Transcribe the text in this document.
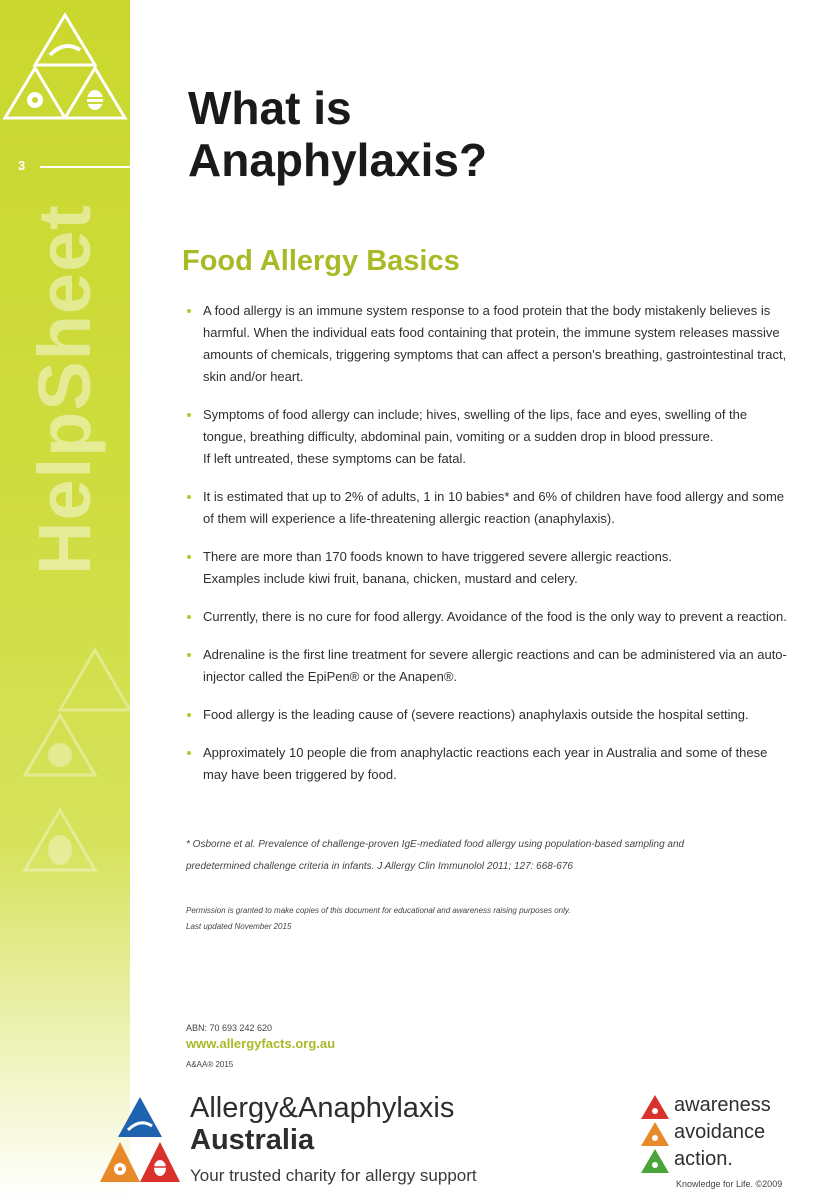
3
HelpSheet
What is
Anaphylaxis?
Food Allergy Basics
A food allergy is an immune system response to a food protein that the body mistakenly believes is harmful. When the individual eats food containing that protein, the immune system releases massive amounts of chemicals, triggering symptoms that can affect a person's breathing, gastrointestinal tract, skin and/or heart.
Symptoms of food allergy can include; hives, swelling of the lips, face and eyes, swelling of the tongue, breathing difficulty, abdominal pain, vomiting or a sudden drop in blood pressure.
If left untreated, these symptoms can be fatal.
It is estimated that up to 2% of adults, 1 in 10 babies* and 6% of children have food allergy and some of them will experience a life-threatening allergic reaction (anaphylaxis).
There are more than 170 foods known to have triggered severe allergic reactions.
Examples include kiwi fruit, banana, chicken, mustard and celery.
Currently, there is no cure for food allergy. Avoidance of the food is the only way to prevent a reaction.
Adrenaline is the first line treatment for severe allergic reactions and can be administered via an auto-injector called the EpiPen® or the Anapen®.
Food allergy is the leading cause of (severe reactions) anaphylaxis outside the hospital setting.
Approximately 10 people die from anaphylactic reactions each year in Australia and some of these may have been triggered by food.
* Osborne et al. Prevalence of challenge-proven IgE-mediated food allergy using population-based sampling and predetermined challenge criteria in infants. J Allergy Clin Immunolol 2011; 127: 668-676
Permission is granted to make copies of this document for educational and awareness raising purposes only.
Last updated November 2015
ABN: 70 693 242 620
www.allergyfacts.org.au
A&AA® 2015
Allergy&Anaphylaxis
Australia
Your trusted charity for allergy support
awareness
avoidance
action.
Knowledge for Life. ©2009
